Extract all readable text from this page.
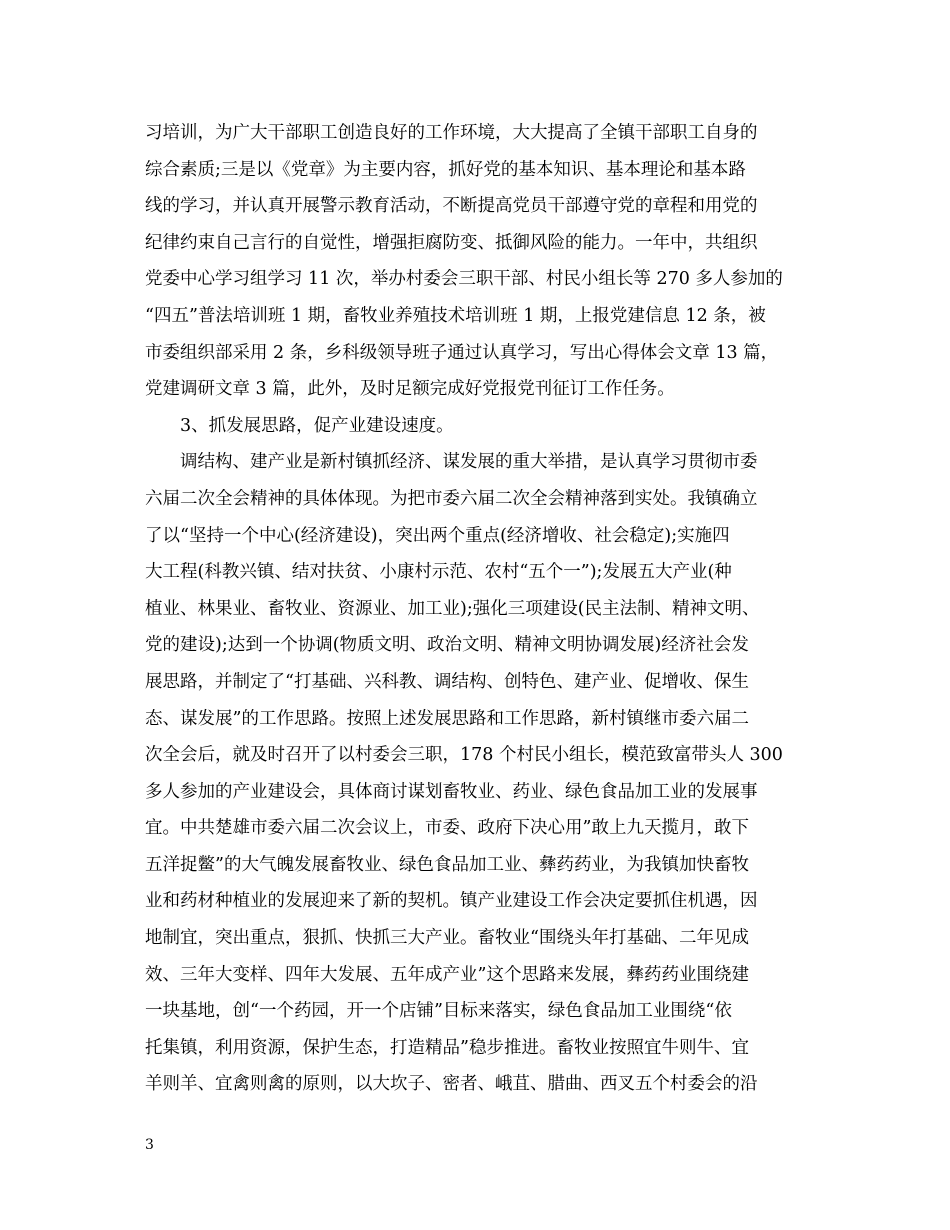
习培训，为广大干部职工创造良好的工作环境，大大提高了全镇干部职工自身的
综合素质;三是以《党章》为主要内容，抓好党的基本知识、基本理论和基本路
线的学习，并认真开展警示教育活动，不断提高党员干部遵守党的章程和用党的
纪律约束自己言行的自觉性，增强拒腐防变、抵御风险的能力。一年中，共组织
党委中心学习组学习 11 次，举办村委会三职干部、村民小组长等 270 多人参加的
“四五”普法培训班 1 期，畜牧业养殖技术培训班 1 期，上报党建信息 12 条，被
市委组织部采用 2 条，乡科级领导班子通过认真学习，写出心得体会文章 13 篇，
党建调研文章 3 篇，此外，及时足额完成好党报党刊征订工作任务。
3、抓发展思路，促产业建设速度。
调结构、建产业是新村镇抓经济、谋发展的重大举措，是认真学习贯彻市委
六届二次全会精神的具体体现。为把市委六届二次全会精神落到实处。我镇确立
了以“坚持一个中心(经济建设)，突出两个重点(经济增收、社会稳定);实施四
大工程(科教兴镇、结对扶贫、小康村示范、农村“五个一”);发展五大产业(种
植业、林果业、畜牧业、资源业、加工业);强化三项建设(民主法制、精神文明、
党的建设);达到一个协调(物质文明、政治文明、精神文明协调发展)经济社会发
展思路，并制定了“打基础、兴科教、调结构、创特色、建产业、促增收、保生
态、谋发展”的工作思路。按照上述发展思路和工作思路，新村镇继市委六届二
次全会后，就及时召开了以村委会三职，178 个村民小组长，模范致富带头人 300
多人参加的产业建设会，具体商讨谋划畜牧业、药业、绿色食品加工业的发展事
宜。中共楚雄市委六届二次会议上，市委、政府下决心用”敢上九天揽月，敢下
五洋捉鳖”的大气魄发展畜牧业、绿色食品加工业、彝药药业，为我镇加快畜牧
业和药材种植业的发展迎来了新的契机。镇产业建设工作会决定要抓住机遇，因
地制宜，突出重点，狠抓、快抓三大产业。畜牧业“围绕头年打基础、二年见成
效、三年大变样、四年大发展、五年成产业”这个思路来发展，彝药药业围绕建
一块基地，创“一个药园，开一个店铺”目标来落实，绿色食品加工业围绕“依
托集镇，利用资源，保护生态，打造精品”稳步推进。畜牧业按照宜牛则牛、宜
羊则羊、宜禽则禽的原则，以大坎子、密者、峨苴、腊曲、西叉五个村委会的沿
3
